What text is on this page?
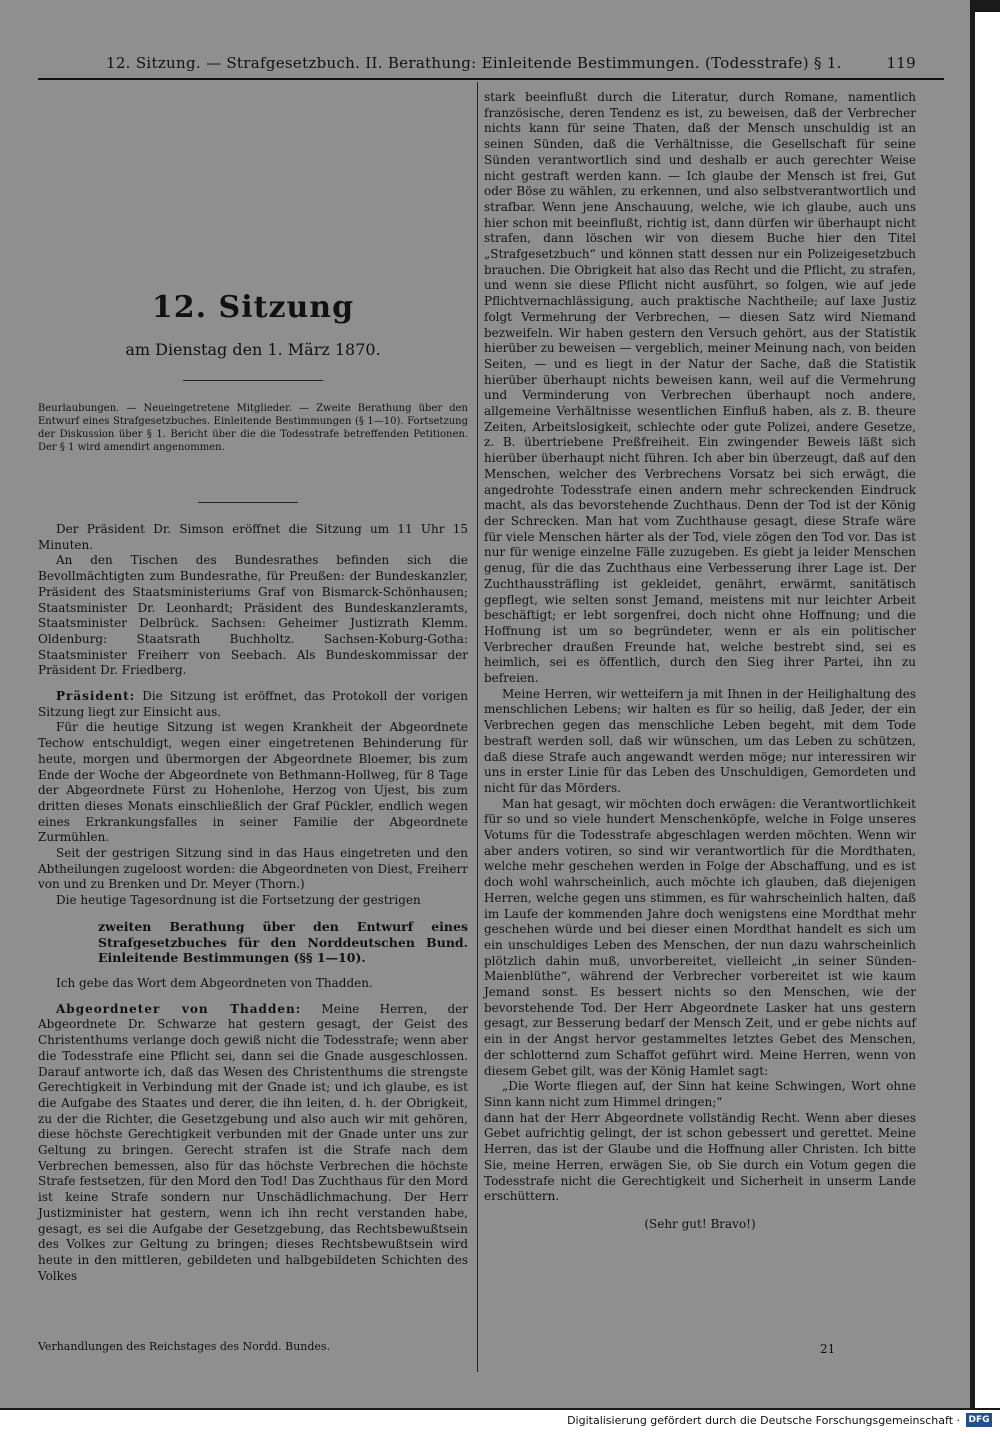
12. Sitzung. — Strafgesetzbuch. II. Berathung: Einleitende Bestimmungen. (Todesstrafe) § 1.	119
12. Sitzung
am Dienstag den 1. März 1870.
Beurlaubungen. — Neueingetretene Mitglieder. — Zweite Berathung über den Entwurf eines Strafgesetzbuches. Einleitende Bestimmungen (§ 1—10). Fortsetzung der Diskussion über § 1. Bericht über die die Todesstrafe betreffenden Petitionen. Der § 1 wird amendirt angenommen.

Der Präsident Dr. Simson eröffnet die Sitzung um 11 Uhr 15 Minuten.

An den Tischen des Bundesrathes befinden sich die Bevollmächtigten zum Bundesrathe, für Preußen: der Bundeskanzler, Präsident des Staatsministeriums Graf von Bismarck-Schönhausen; Staatsminister Dr. Leonhardt; Präsident des Bundeskanzleramts, Staatsminister Delbrück. Sachsen: Geheimer Justizrath Klemm. Oldenburg: Staatsrath Buchholtz. Sachsen-Koburg-Gotha: Staatsminister Freiherr von Seebach. Als Bundeskommissar der Präsident Dr. Friedberg.

Präsident: Die Sitzung ist eröffnet, das Protokoll der vorigen Sitzung liegt zur Einsicht aus.

Für die heutige Sitzung ist wegen Krankheit der Abgeordnete Techow entschuldigt, wegen einer eingetretenen Behinderung für heute, morgen und übermorgen der Abgeordnete Bloemer, bis zum Ende der Woche der Abgeordnete von Bethmann-Hollweg, für 8 Tage der Abgeordnete Fürst zu Hohenlohe, Herzog von Ujest, bis zum dritten dieses Monats einschließlich der Graf Pückler, endlich wegen eines Erkrankungsfalles in seiner Familie der Abgeordnete Zurmühlen.

Seit der gestrigen Sitzung sind in das Haus eingetreten und den Abtheilungen zugeloost worden: die Abgeordneten von Diest, Freiherr von und zu Brenken und Dr. Meyer (Thorn.)

Die heutige Tagesordnung ist die Fortsetzung der gestrigen

zweiten Berathung über den Entwurf eines Strafgesetzbuches für den Norddeutschen Bund. Einleitende Bestimmungen (§§ 1—10).

Ich gebe das Wort dem Abgeordneten von Thadden.

Abgeordneter von Thadden: Meine Herren, der Abgeordnete Dr. Schwarze hat gestern gesagt, der Geist des Christenthums verlange doch gewiß nicht die Todesstrafe; wenn aber die Todesstrafe eine Pflicht sei, dann sei die Gnade ausgeschlossen. Darauf antworte ich, daß das Wesen des Christenthums die strengste Gerechtigkeit in Verbindung mit der Gnade ist; und ich glaube, es ist die Aufgabe des Staates und derer, die ihn leiten, d. h. der Obrigkeit, zu der die Richter, die Gesetzgebung und also auch wir mit gehören, diese höchste Gerechtigkeit verbunden mit der Gnade unter uns zur Geltung zu bringen. Gerecht strafen ist die Strafe nach dem Verbrechen bemessen, also für das höchste Verbrechen die höchste Strafe festsetzen, für den Mord den Tod! Das Zuchthaus für den Mord ist keine Strafe sondern nur Unschädlichmachung. Der Herr Justizminister hat gestern, wenn ich ihn recht verstanden habe, gesagt, es sei die Aufgabe der Gesetzgebung, das Rechtsbewußtsein des Volkes zur Geltung zu bringen; dieses Rechtsbewußtsein wird heute in den mittleren, gebildeten und halbgebildeten Schichten des Volkes

Verhandlungen des Reichstages des Nordd. Bundes.

stark beeinflußt durch die Literatur, durch Romane, namentlich französische, deren Tendenz es ist, zu beweisen, daß der Verbrecher nichts kann für seine Thaten, daß der Mensch unschuldig ist an seinen Sünden, daß die Verhältnisse, die Gesellschaft für seine Sünden verantwortlich sind und deshalb er auch gerechter Weise nicht gestraft werden kann. — Ich glaube der Mensch ist frei, Gut oder Böse zu wählen, zu erkennen, und also selbstverantwortlich und strafbar. Wenn jene Anschauung, welche, wie ich glaube, auch uns hier schon mit beeinflußt, richtig ist, dann dürfen wir überhaupt nicht strafen, dann löschen wir von diesem Buche hier den Titel „Strafgesetzbuch“ und können statt dessen nur ein Polizeigesetzbuch brauchen. Die Obrigkeit hat also das Recht und die Pflicht, zu strafen, und wenn sie diese Pflicht nicht ausführt, so folgen, wie auf jede Pflichtvernachlässigung, auch praktische Nachtheile; auf laxe Justiz folgt Vermehrung der Verbrechen, — diesen Satz wird Niemand bezweifeln. Wir haben gestern den Versuch gehört, aus der Statistik hierüber zu beweisen — vergeblich, meiner Meinung nach, von beiden Seiten, — und es liegt in der Natur der Sache, daß die Statistik hierüber überhaupt nichts beweisen kann, weil auf die Vermehrung und Verminderung von Verbrechen überhaupt noch andere, allgemeine Verhältnisse wesentlichen Einfluß haben, als z. B. theure Zeiten, Arbeitslosigkeit, schlechte oder gute Polizei, andere Gesetze, z. B. übertriebene Preßfreiheit. Ein zwingender Beweis läßt sich hierüber überhaupt nicht führen. Ich aber bin überzeugt, daß auf den Menschen, welcher des Verbrechens Vorsatz bei sich erwägt, die angedrohte Todesstrafe einen andern mehr schreckenden Eindruck macht, als das bevorstehende Zuchthaus. Denn der Tod ist der König der Schrecken. Man hat vom Zuchthause gesagt, diese Strafe wäre für viele Menschen härter als der Tod, viele zögen den Tod vor. Das ist nur für wenige einzelne Fälle zuzugeben. Es giebt ja leider Menschen genug, für die das Zuchthaus eine Verbesserung ihrer Lage ist. Der Zuchthaussträfling ist gekleidet, genährt, erwärmt, sanitätisch gepflegt, wie selten sonst Jemand, meistens mit nur leichter Arbeit beschäftigt; er lebt sorgenfrei, doch nicht ohne Hoffnung; und die Hoffnung ist um so begründeter, wenn er als ein politischer Verbrecher draußen Freunde hat, welche bestrebt sind, sei es heimlich, sei es öffentlich, durch den Sieg ihrer Partei, ihn zu befreien.

Meine Herren, wir wetteifern ja mit Ihnen in der Heilighaltung des menschlichen Lebens; wir halten es für so heilig, daß Jeder, der ein Verbrechen gegen das menschliche Leben begeht, mit dem Tode bestraft werden soll, daß wir wünschen, um das Leben zu schützen, daß diese Strafe auch angewandt werden möge; nur interessiren wir uns in erster Linie für das Leben des Unschuldigen, Gemordeten und nicht für das Mörders.

Man hat gesagt, wir möchten doch erwägen: die Verantwortlichkeit für so und so viele hundert Menschenköpfe, welche in Folge unseres Votums für die Todesstrafe abgeschlagen werden möchten. Wenn wir aber anders votiren, so sind wir verantwortlich für die Mordthaten, welche mehr geschehen werden in Folge der Abschaffung, und es ist doch wohl wahrscheinlich, auch möchte ich glauben, daß diejenigen Herren, welche gegen uns stimmen, es für wahrscheinlich halten, daß im Laufe der kommenden Jahre doch wenigstens eine Mordthat mehr geschehen würde und bei dieser einen Mordthat handelt es sich um ein unschuldiges Leben des Menschen, der nun dazu wahrscheinlich plötzlich dahin muß, unvorbereitet, vielleicht „in seiner Sünden-Maienblüthe“, während der Verbrecher vorbereitet ist wie kaum Jemand sonst. Es bessert nichts so den Menschen, wie der bevorstehende Tod. Der Herr Abgeordnete Lasker hat uns gestern gesagt, zur Besserung bedarf der Mensch Zeit, und er gebe nichts auf ein in der Angst hervor gestammeltes letztes Gebet des Menschen, der schlotternd zum Schaffot geführt wird. Meine Herren, wenn von diesem Gebet gilt, was der König Hamlet sagt:

„Die Worte fliegen auf, der Sinn hat keine Schwingen, Wort ohne Sinn kann nicht zum Himmel dringen;“

dann hat der Herr Abgeordnete vollständig Recht. Wenn aber dieses Gebet aufrichtig gelingt, der ist schon gebessert und gerettet. Meine Herren, das ist der Glaube und die Hoffnung aller Christen. Ich bitte Sie, meine Herren, erwägen Sie, ob Sie durch ein Votum gegen die Todesstrafe nicht die Gerechtigkeit und Sicherheit in unserm Lande erschüttern.

(Sehr gut! Bravo!)

21
Digitalisierung gefördert durch die Deutsche Forschungsgemeinschaft · DFG
